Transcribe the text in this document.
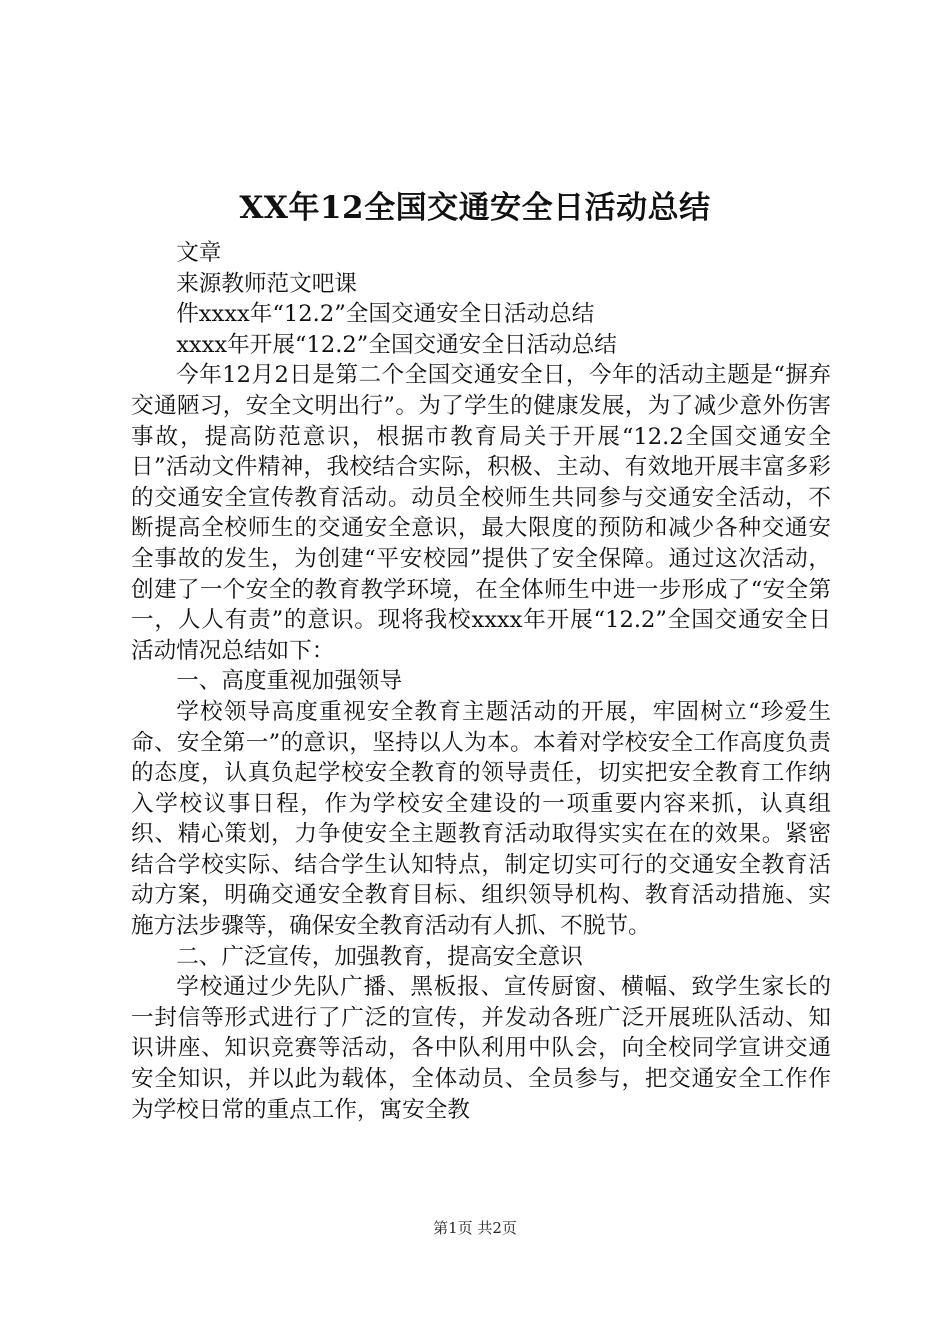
XX年12全国交通安全日活动总结

文章

来源教师范文吧课

件xxxx年“12.2”全国交通安全日活动总结

xxxx年开展“12.2”全国交通安全日活动总结

今年12月2日是第二个全国交通安全日，今年的活动主题是“摒弃交通陋习，安全文明出行”。为了学生的健康发展，为了减少意外伤害事故，提高防范意识，根据市教育局关于开展“12.2全国交通安全日”活动文件精神，我校结合实际，积极、主动、有效地开展丰富多彩的交通安全宣传教育活动。动员全校师生共同参与交通安全活动，不断提高全校师生的交通安全意识，最大限度的预防和减少各种交通安全事故的发生，为创建“平安校园”提供了安全保障。通过这次活动，创建了一个安全的教育教学环境，在全体师生中进一步形成了“安全第一，人人有责”的意识。现将我校xxxx年开展“12.2”全国交通安全日活动情况总结如下：

一、高度重视加强领导

学校领导高度重视安全教育主题活动的开展，牢固树立“珍爱生命、安全第一”的意识，坚持以人为本。本着对学校安全工作高度负责的态度，认真负起学校安全教育的领导责任，切实把安全教育工作纳入学校议事日程，作为学校安全建设的一项重要内容来抓，认真组织、精心策划，力争使安全主题教育活动取得实实在在的效果。紧密结合学校实际、结合学生认知特点，制定切实可行的交通安全教育活动方案，明确交通安全教育目标、组织领导机构、教育活动措施、实施方法步骤等，确保安全教育活动有人抓、不脱节。

二、广泛宣传，加强教育，提高安全意识

学校通过少先队广播、黑板报、宣传厨窗、横幅、致学生家长的一封信等形式进行了广泛的宣传，并发动各班广泛开展班队活动、知识讲座、知识竞赛等活动，各中队利用中队会，向全校同学宣讲交通安全知识，并以此为载体，全体动员、全员参与，把交通安全工作作为学校日常的重点工作，寓安全教

第1页 共2页
